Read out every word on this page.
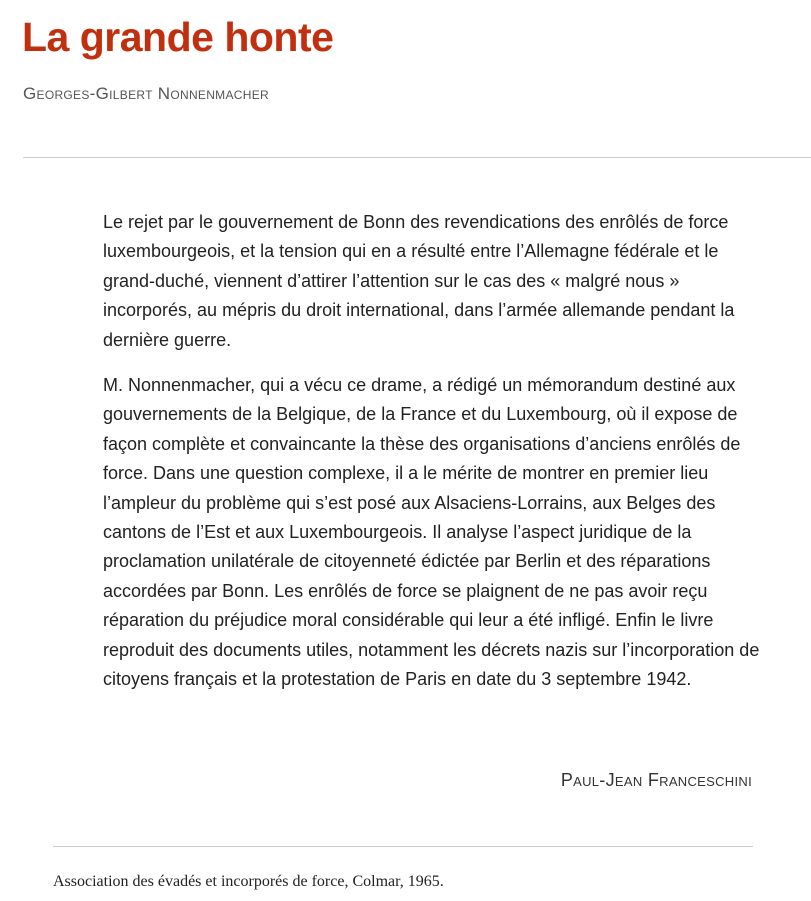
La grande honte
Georges-Gilbert Nonnenmacher

Le rejet par le gouvernement de Bonn des revendications des enrôlés de force luxembourgeois, et la tension qui en a résulté entre l’Allemagne fédérale et le grand-duché, viennent d’attirer l’attention sur le cas des « malgré nous » incorporés, au mépris du droit international, dans l’armée allemande pendant la dernière guerre.

M. Nonnenmacher, qui a vécu ce drame, a rédigé un mémorandum destiné aux gouvernements de la Belgique, de la France et du Luxembourg, où il expose de façon complète et convaincante la thèse des organisations d’anciens enrôlés de force. Dans une question complexe, il a le mérite de montrer en premier lieu l’ampleur du problème qui s’est posé aux Alsaciens-Lorrains, aux Belges des cantons de l’Est et aux Luxembourgeois. Il analyse l’aspect juridique de la proclamation unilatérale de citoyenneté édictée par Berlin et des réparations accordées par Bonn. Les enrôlés de force se plaignent de ne pas avoir reçu réparation du préjudice moral considérable qui leur a été infligé. Enfin le livre reproduit des documents utiles, notamment les décrets nazis sur l’incorporation de citoyens français et la protestation de Paris en date du 3 septembre 1942.

Paul-Jean Franceschini
Association des évadés et incorporés de force, Colmar, 1965.
